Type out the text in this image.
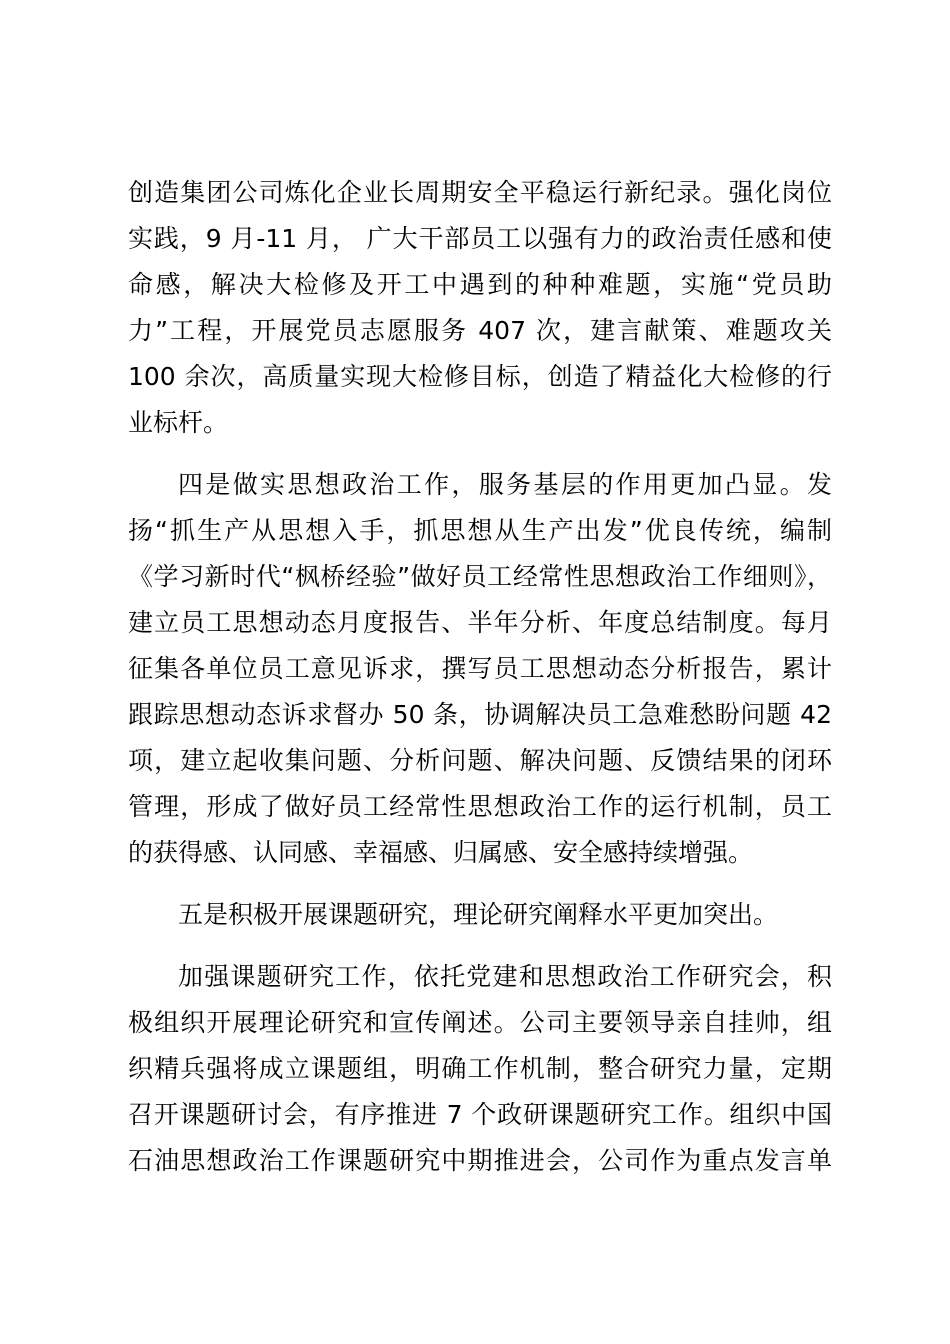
创造集团公司炼化企业长周期安全平稳运行新纪录。强化岗位
实践，9 月-11 月， 广大干部员工以强有力的政治责任感和使
命感，解决大检修及开工中遇到的种种难题，实施“党员助
力”工程，开展党员志愿服务 407 次，建言献策、难题攻关
100 余次，高质量实现大检修目标，创造了精益化大检修的行
业标杆。

四是做实思想政治工作，服务基层的作用更加凸显。发
扬“抓生产从思想入手，抓思想从生产出发”优良传统，编制
《学习新时代“枫桥经验”做好员工经常性思想政治工作细则》，
建立员工思想动态月度报告、半年分析、年度总结制度。每月
征集各单位员工意见诉求，撰写员工思想动态分析报告，累计
跟踪思想动态诉求督办 50 条，协调解决员工急难愁盼问题 42
项，建立起收集问题、分析问题、解决问题、反馈结果的闭环
管理，形成了做好员工经常性思想政治工作的运行机制，员工
的获得感、认同感、幸福感、归属感、安全感持续增强。

五是积极开展课题研究，理论研究阐释水平更加突出。

加强课题研究工作，依托党建和思想政治工作研究会，积
极组织开展理论研究和宣传阐述。公司主要领导亲自挂帅，组
织精兵强将成立课题组，明确工作机制，整合研究力量，定期
召开课题研讨会，有序推进 7 个政研课题研究工作。组织中国
石油思想政治工作课题研究中期推进会，公司作为重点发言单
